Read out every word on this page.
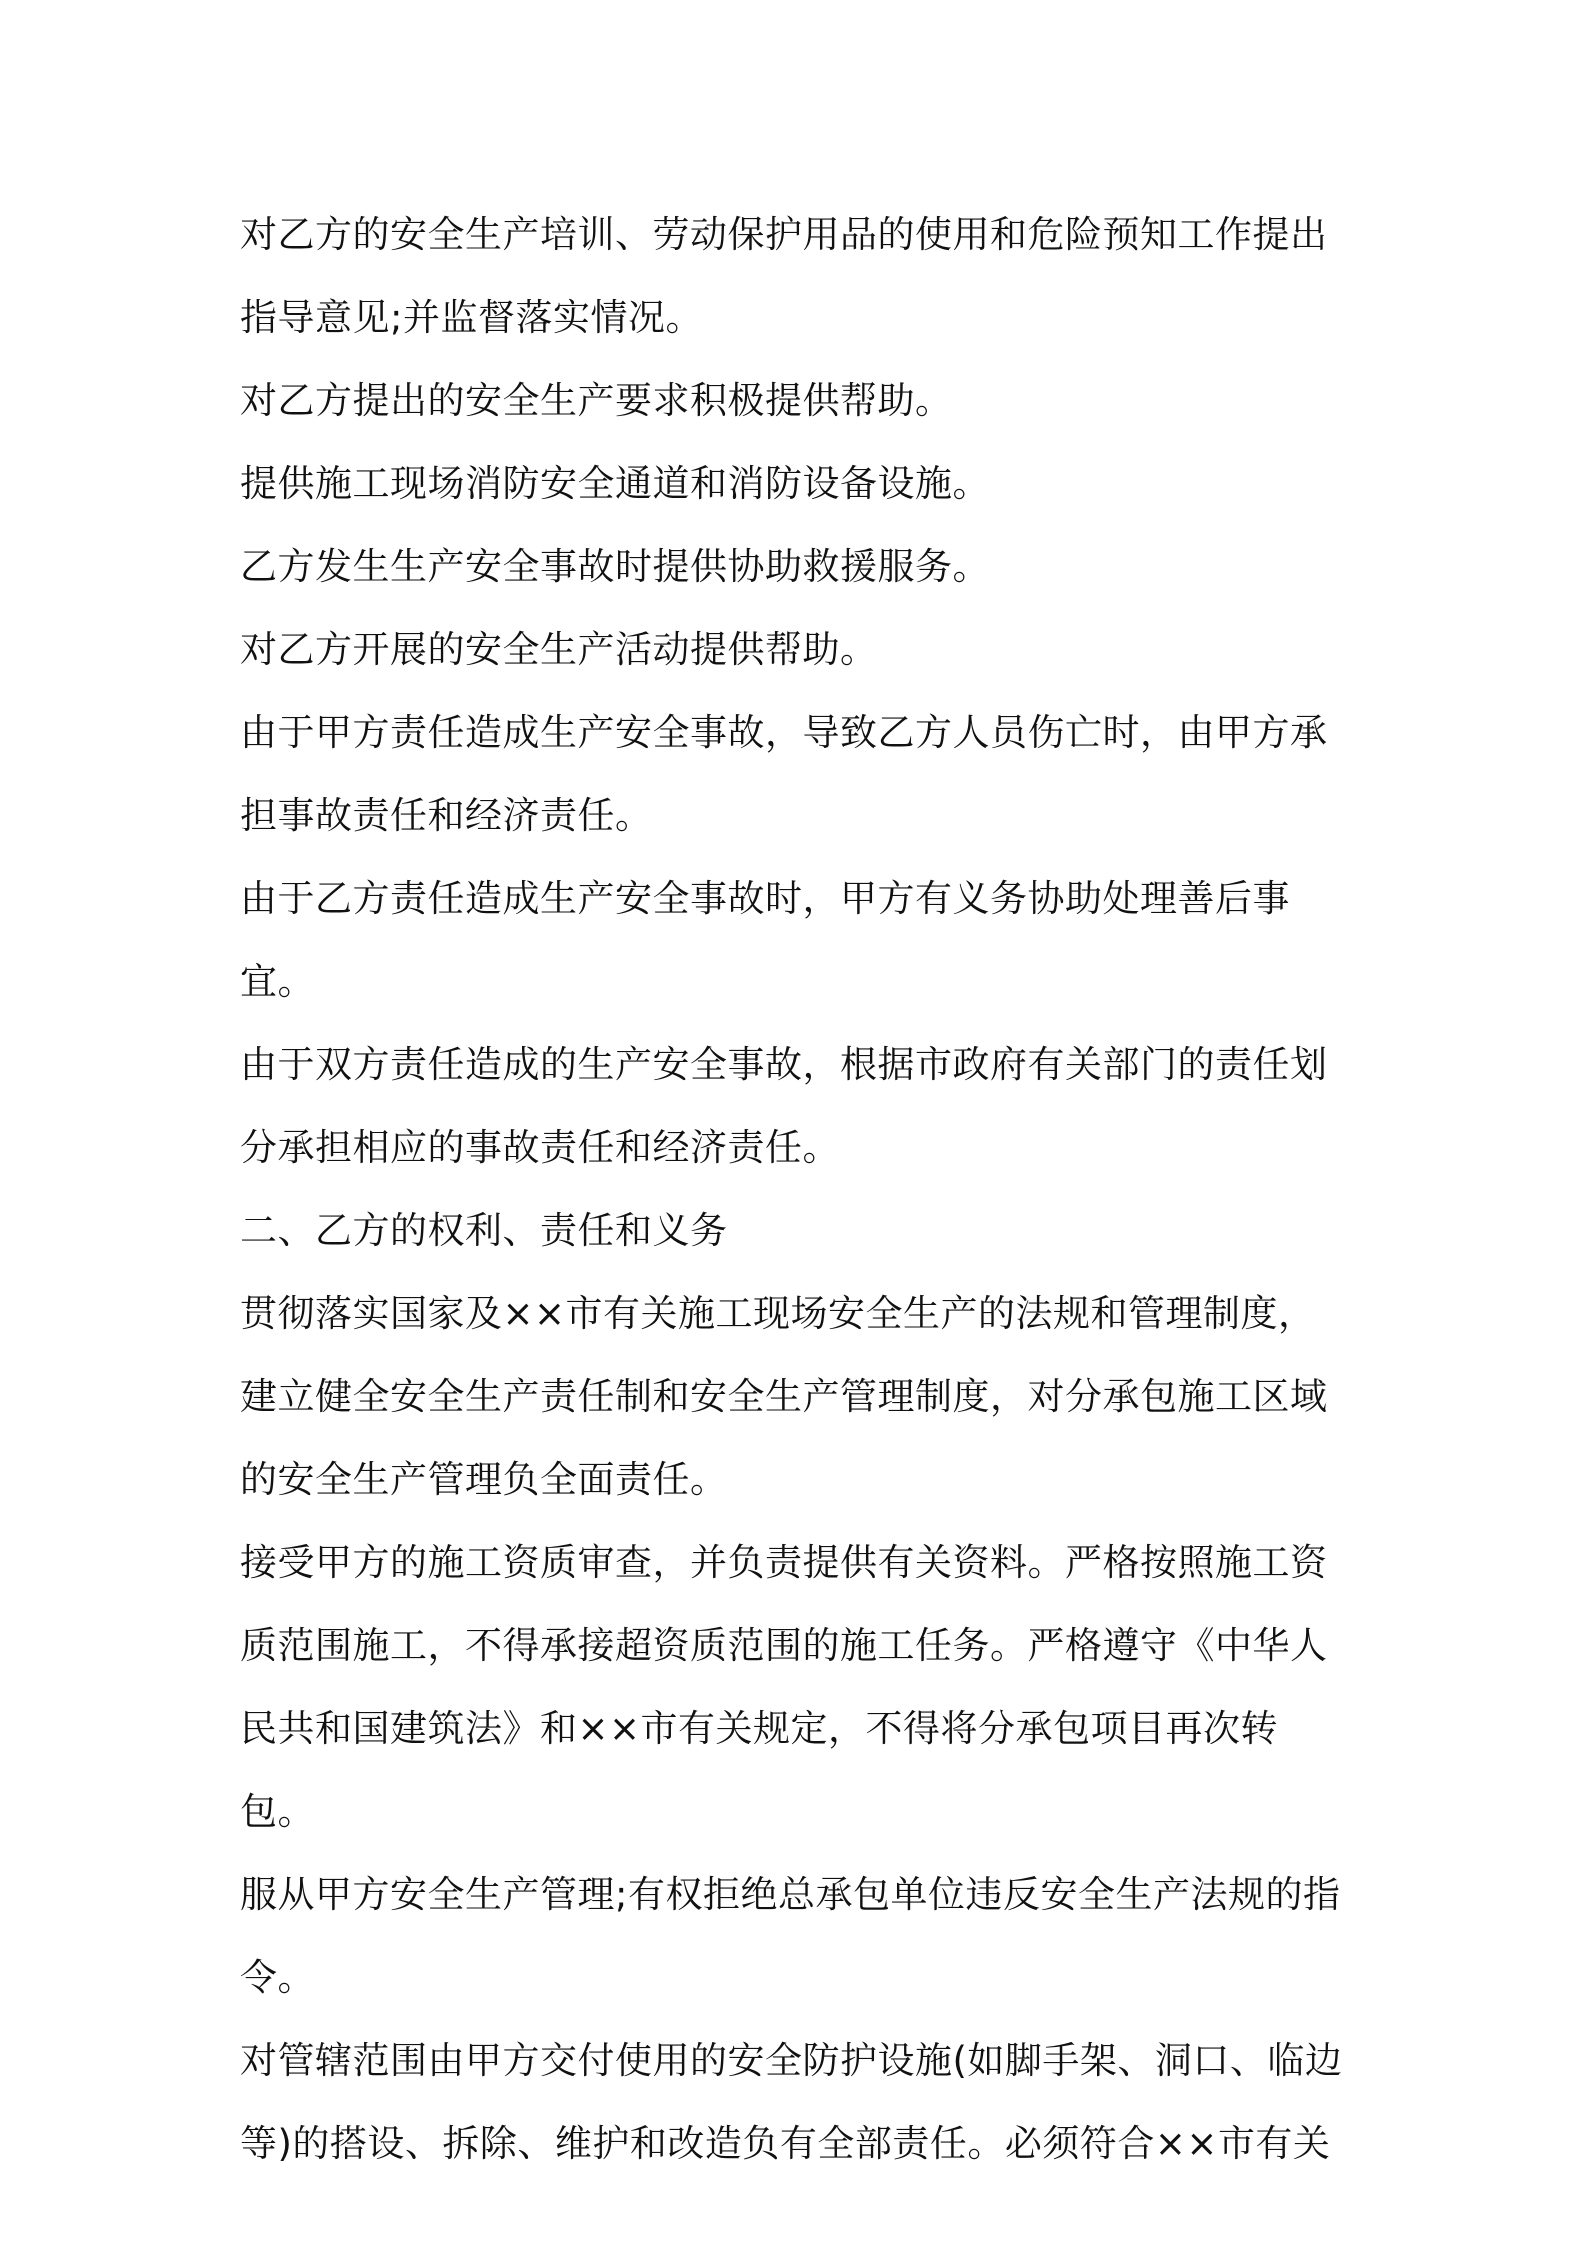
对乙方的安全生产培训、劳动保护用品的使用和危险预知工作提出指导意见;并监督落实情况。

对乙方提出的安全生产要求积极提供帮助。

提供施工现场消防安全通道和消防设备设施。

乙方发生生产安全事故时提供协助救援服务。

对乙方开展的安全生产活动提供帮助。

由于甲方责任造成生产安全事故，导致乙方人员伤亡时，由甲方承担事故责任和经济责任。

由于乙方责任造成生产安全事故时，甲方有义务协助处理善后事宜。

由于双方责任造成的生产安全事故，根据市政府有关部门的责任划分承担相应的事故责任和经济责任。

二、乙方的权利、责任和义务

贯彻落实国家及××市有关施工现场安全生产的法规和管理制度，建立健全安全生产责任制和安全生产管理制度，对分承包施工区域的安全生产管理负全面责任。

接受甲方的施工资质审查，并负责提供有关资料。严格按照施工资质范围施工，不得承接超资质范围的施工任务。严格遵守《中华人民共和国建筑法》和××市有关规定，不得将分承包项目再次转包。

服从甲方安全生产管理;有权拒绝总承包单位违反安全生产法规的指令。

对管辖范围由甲方交付使用的安全防护设施(如脚手架、洞口、临边等)的搭设、拆除、维护和改造负有全部责任。必须符合××市有关
